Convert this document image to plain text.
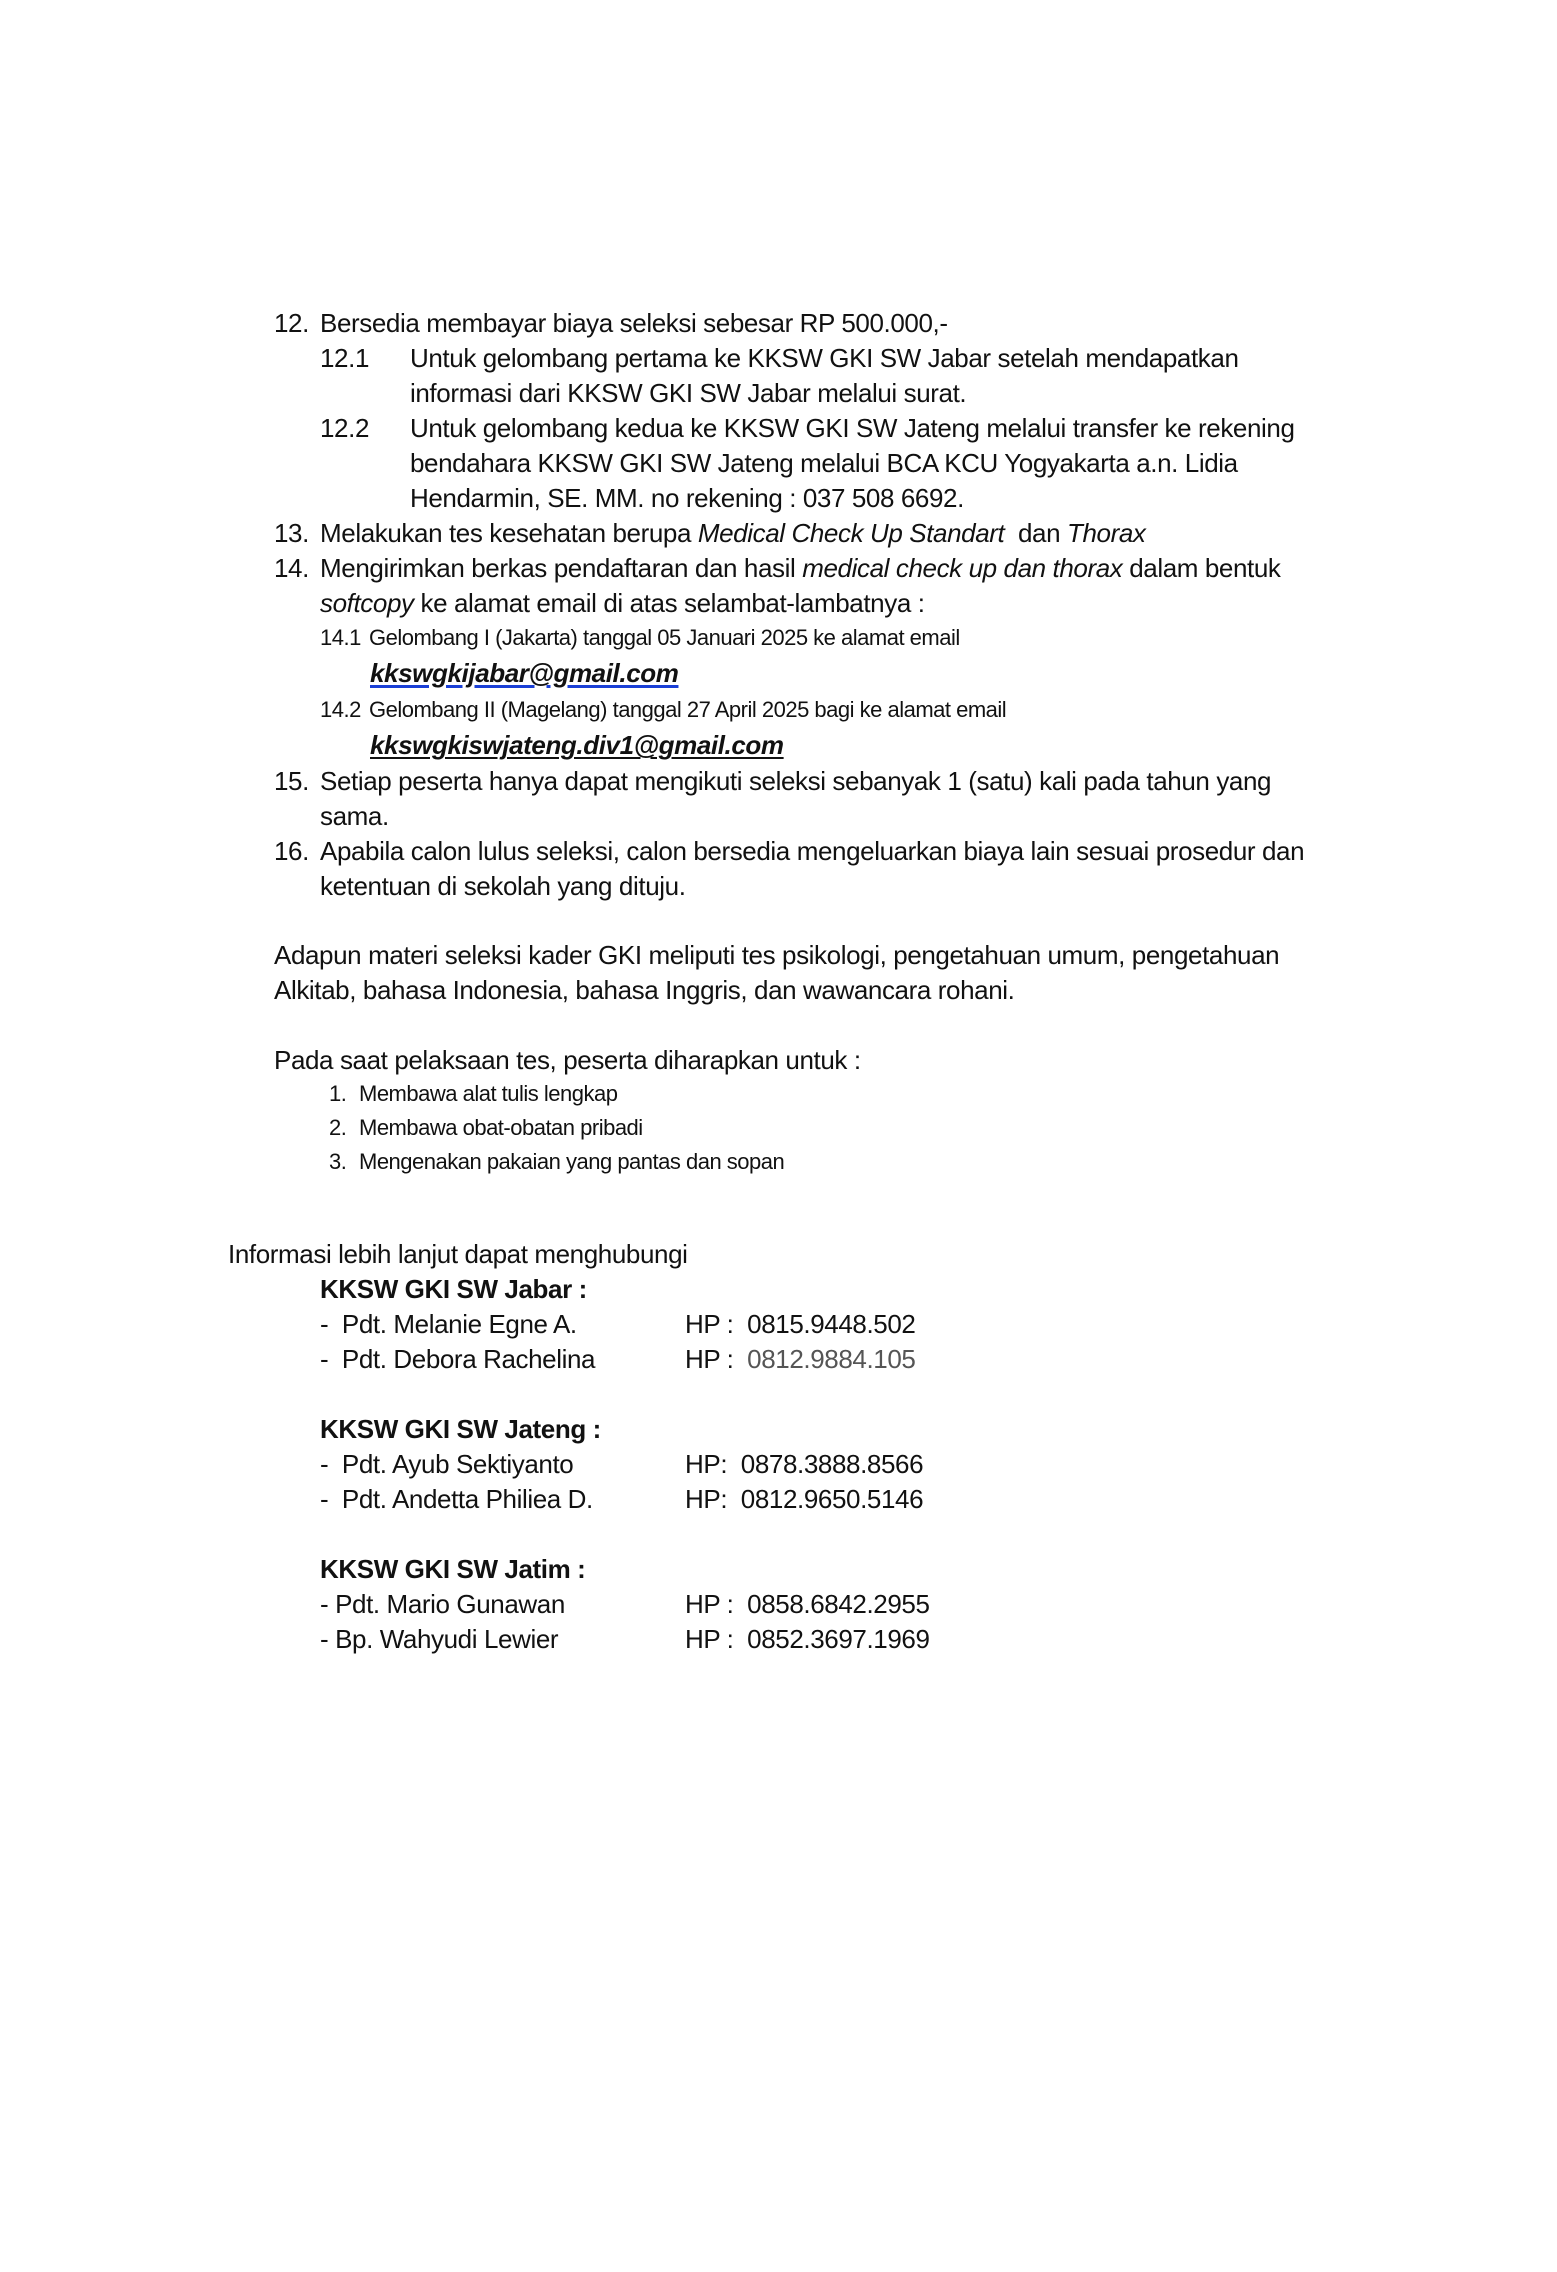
12. Bersedia membayar biaya seleksi sebesar RP 500.000,-
12.1 Untuk gelombang pertama ke KKSW GKI SW Jabar setelah mendapatkan
informasi dari KKSW GKI SW Jabar melalui surat.
12.2 Untuk gelombang kedua ke KKSW GKI SW Jateng melalui transfer ke rekening
bendahara KKSW GKI SW Jateng melalui BCA KCU Yogyakarta a.n. Lidia
Hendarmin, SE. MM. no rekening : 037 508 6692.
13. Melakukan tes kesehatan berupa Medical Check Up Standart  dan Thorax
14. Mengirimkan berkas pendaftaran dan hasil medical check up dan thorax dalam bentuk
softcopy ke alamat email di atas selambat-lambatnya :
14.1 Gelombang I (Jakarta) tanggal 05 Januari 2025 ke alamat email
kkswgkijabar@gmail.com
14.2 Gelombang II (Magelang) tanggal 27 April 2025 bagi ke alamat email
kkswgkiswjateng.div1@gmail.com
15. Setiap peserta hanya dapat mengikuti seleksi sebanyak 1 (satu) kali pada tahun yang
sama.
16. Apabila calon lulus seleksi, calon bersedia mengeluarkan biaya lain sesuai prosedur dan
ketentuan di sekolah yang dituju.
Adapun materi seleksi kader GKI meliputi tes psikologi, pengetahuan umum, pengetahuan
Alkitab, bahasa Indonesia, bahasa Inggris, dan wawancara rohani.
Pada saat pelaksaan tes, peserta diharapkan untuk :
1. Membawa alat tulis lengkap
2. Membawa obat-obatan pribadi
3. Mengenakan pakaian yang pantas dan sopan
Informasi lebih lanjut dapat menghubungi
KKSW GKI SW Jabar :
-  Pdt. Melanie Egne A.	HP :  0815.9448.502
-  Pdt. Debora Rachelina	HP :  0812.9884.105
KKSW GKI SW Jateng :
-  Pdt. Ayub Sektiyanto	HP:  0878.3888.8566
-  Pdt. Andetta Philiea D.	HP:  0812.9650.5146
KKSW GKI SW Jatim :
- Pdt. Mario Gunawan	HP :  0858.6842.2955
- Bp. Wahyudi Lewier	HP :  0852.3697.1969
